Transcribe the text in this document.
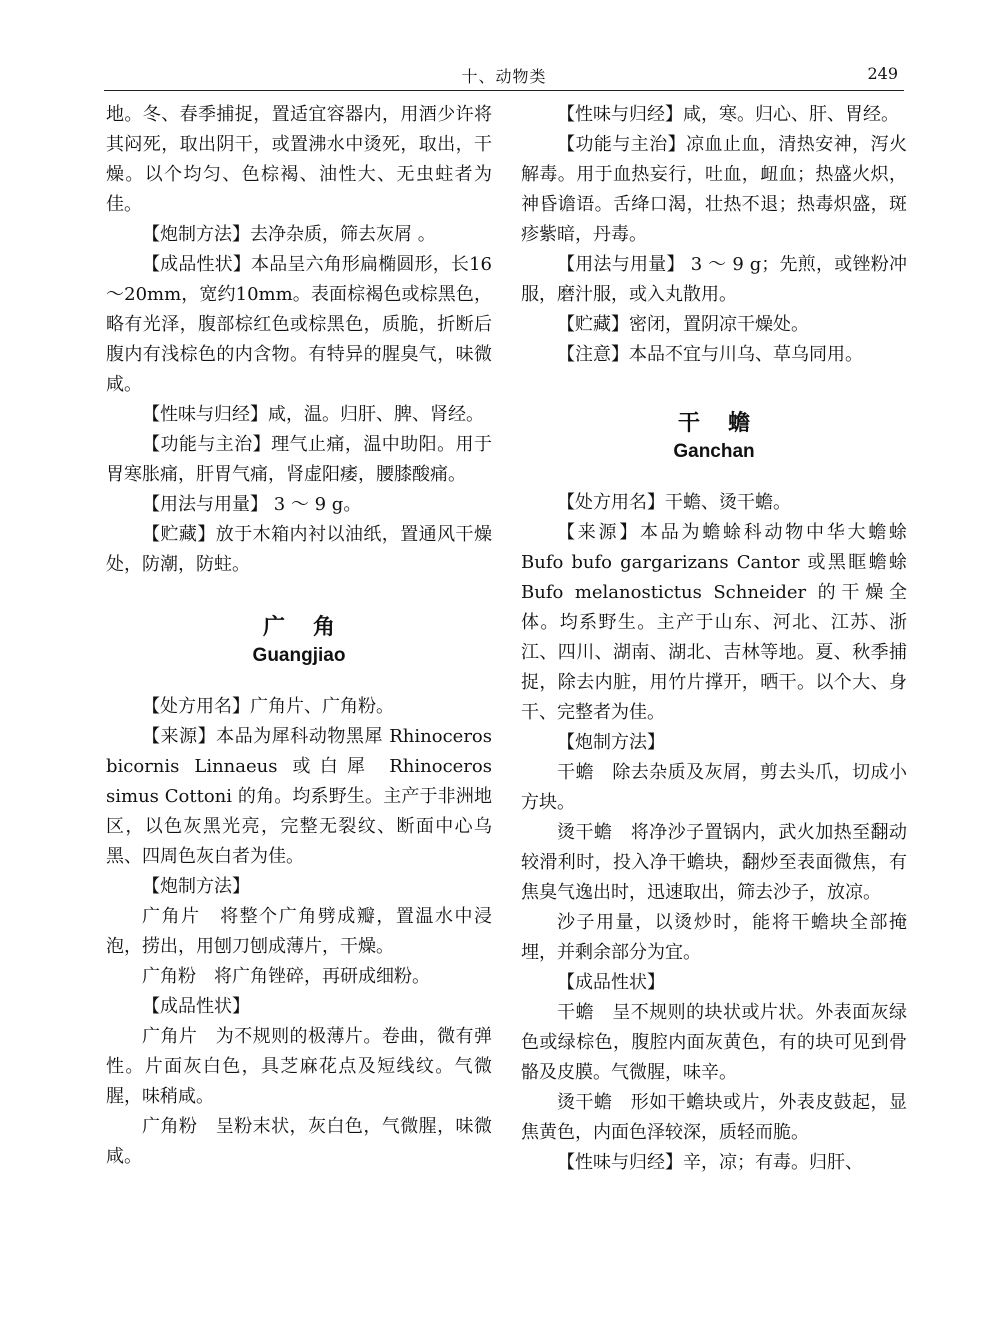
十、动物类	249

地。冬、春季捕捉，置适宜容器内，用酒少许将其闷死，取出阴干，或置沸水中烫死，取出，干燥。以个均匀、色棕褐、油性大、无虫蛀者为佳。

【炮制方法】去净杂质，筛去灰屑 。

【成品性状】本品呈六角形扁椭圆形，长16～20mm，宽约10mm。表面棕褐色或棕黑色，略有光泽，腹部棕红色或棕黑色，质脆，折断后腹内有浅棕色的内含物。有特异的腥臭气，味微咸。

【性味与归经】咸，温。归肝、脾、肾经。

【功能与主治】理气止痛，温中助阳。用于胃寒胀痛，肝胃气痛，肾虚阳痿，腰膝酸痛。

【用法与用量】 3 ～ 9 g。

【贮藏】放于木箱内衬以油纸，置通风干燥处，防潮，防蛀。

广角

Guangjiao

【处方用名】广角片、广角粉。

【来源】本品为犀科动物黑犀 Rhinoceros bicornis Linnaeus 或白犀 Rhinoceros simus Cottoni 的角。均系野生。主产于非洲地区，以色灰黑光亮，完整无裂纹、断面中心乌黑、四周色灰白者为佳。

【炮制方法】

广角片　将整个广角劈成瓣，置温水中浸泡，捞出，用刨刀刨成薄片，干燥。

广角粉　将广角锉碎，再研成细粉。

【成品性状】

广角片　为不规则的极薄片。卷曲，微有弹性。片面灰白色，具芝麻花点及短线纹。气微腥，味稍咸。

广角粉　呈粉末状，灰白色，气微腥，味微咸。

【性味与归经】咸，寒。归心、肝、胃经。

【功能与主治】凉血止血，清热安神，泻火解毒。用于血热妄行，吐血，衄血；热盛火炽，神昏谵语。舌绛口渴，壮热不退；热毒炽盛，斑疹紫暗，丹毒。

【用法与用量】 3 ～ 9 g；先煎，或锉粉冲服，磨汁服，或入丸散用。

【贮藏】密闭，置阴凉干燥处。

【注意】本品不宜与川乌、草乌同用。

干蟾

Ganchan

【处方用名】干蟾、烫干蟾。

【来源】本品为蟾蜍科动物中华大蟾蜍 Bufo bufo gargarizans Cantor 或黑眶蟾蜍 Bufo melanostictus Schneider 的干燥全体。均系野生。主产于山东、河北、江苏、浙江、四川、湖南、湖北、吉林等地。夏、秋季捕捉，除去内脏，用竹片撑开，晒干。以个大、身干、完整者为佳。

【炮制方法】

干蟾　除去杂质及灰屑，剪去头爪，切成小方块。

烫干蟾　将净沙子置锅内，武火加热至翻动较滑利时，投入净干蟾块，翻炒至表面微焦，有焦臭气逸出时，迅速取出，筛去沙子，放凉。

沙子用量，以烫炒时，能将干蟾块全部掩埋，并剩余部分为宜。

【成品性状】

干蟾　呈不规则的块状或片状。外表面灰绿色或绿棕色，腹腔内面灰黄色，有的块可见到骨骼及皮膜。气微腥，味辛。

烫干蟾　形如干蟾块或片，外表皮鼓起，显焦黄色，内面色泽较深，质轻而脆。

【性味与归经】辛，凉；有毒。归肝、
